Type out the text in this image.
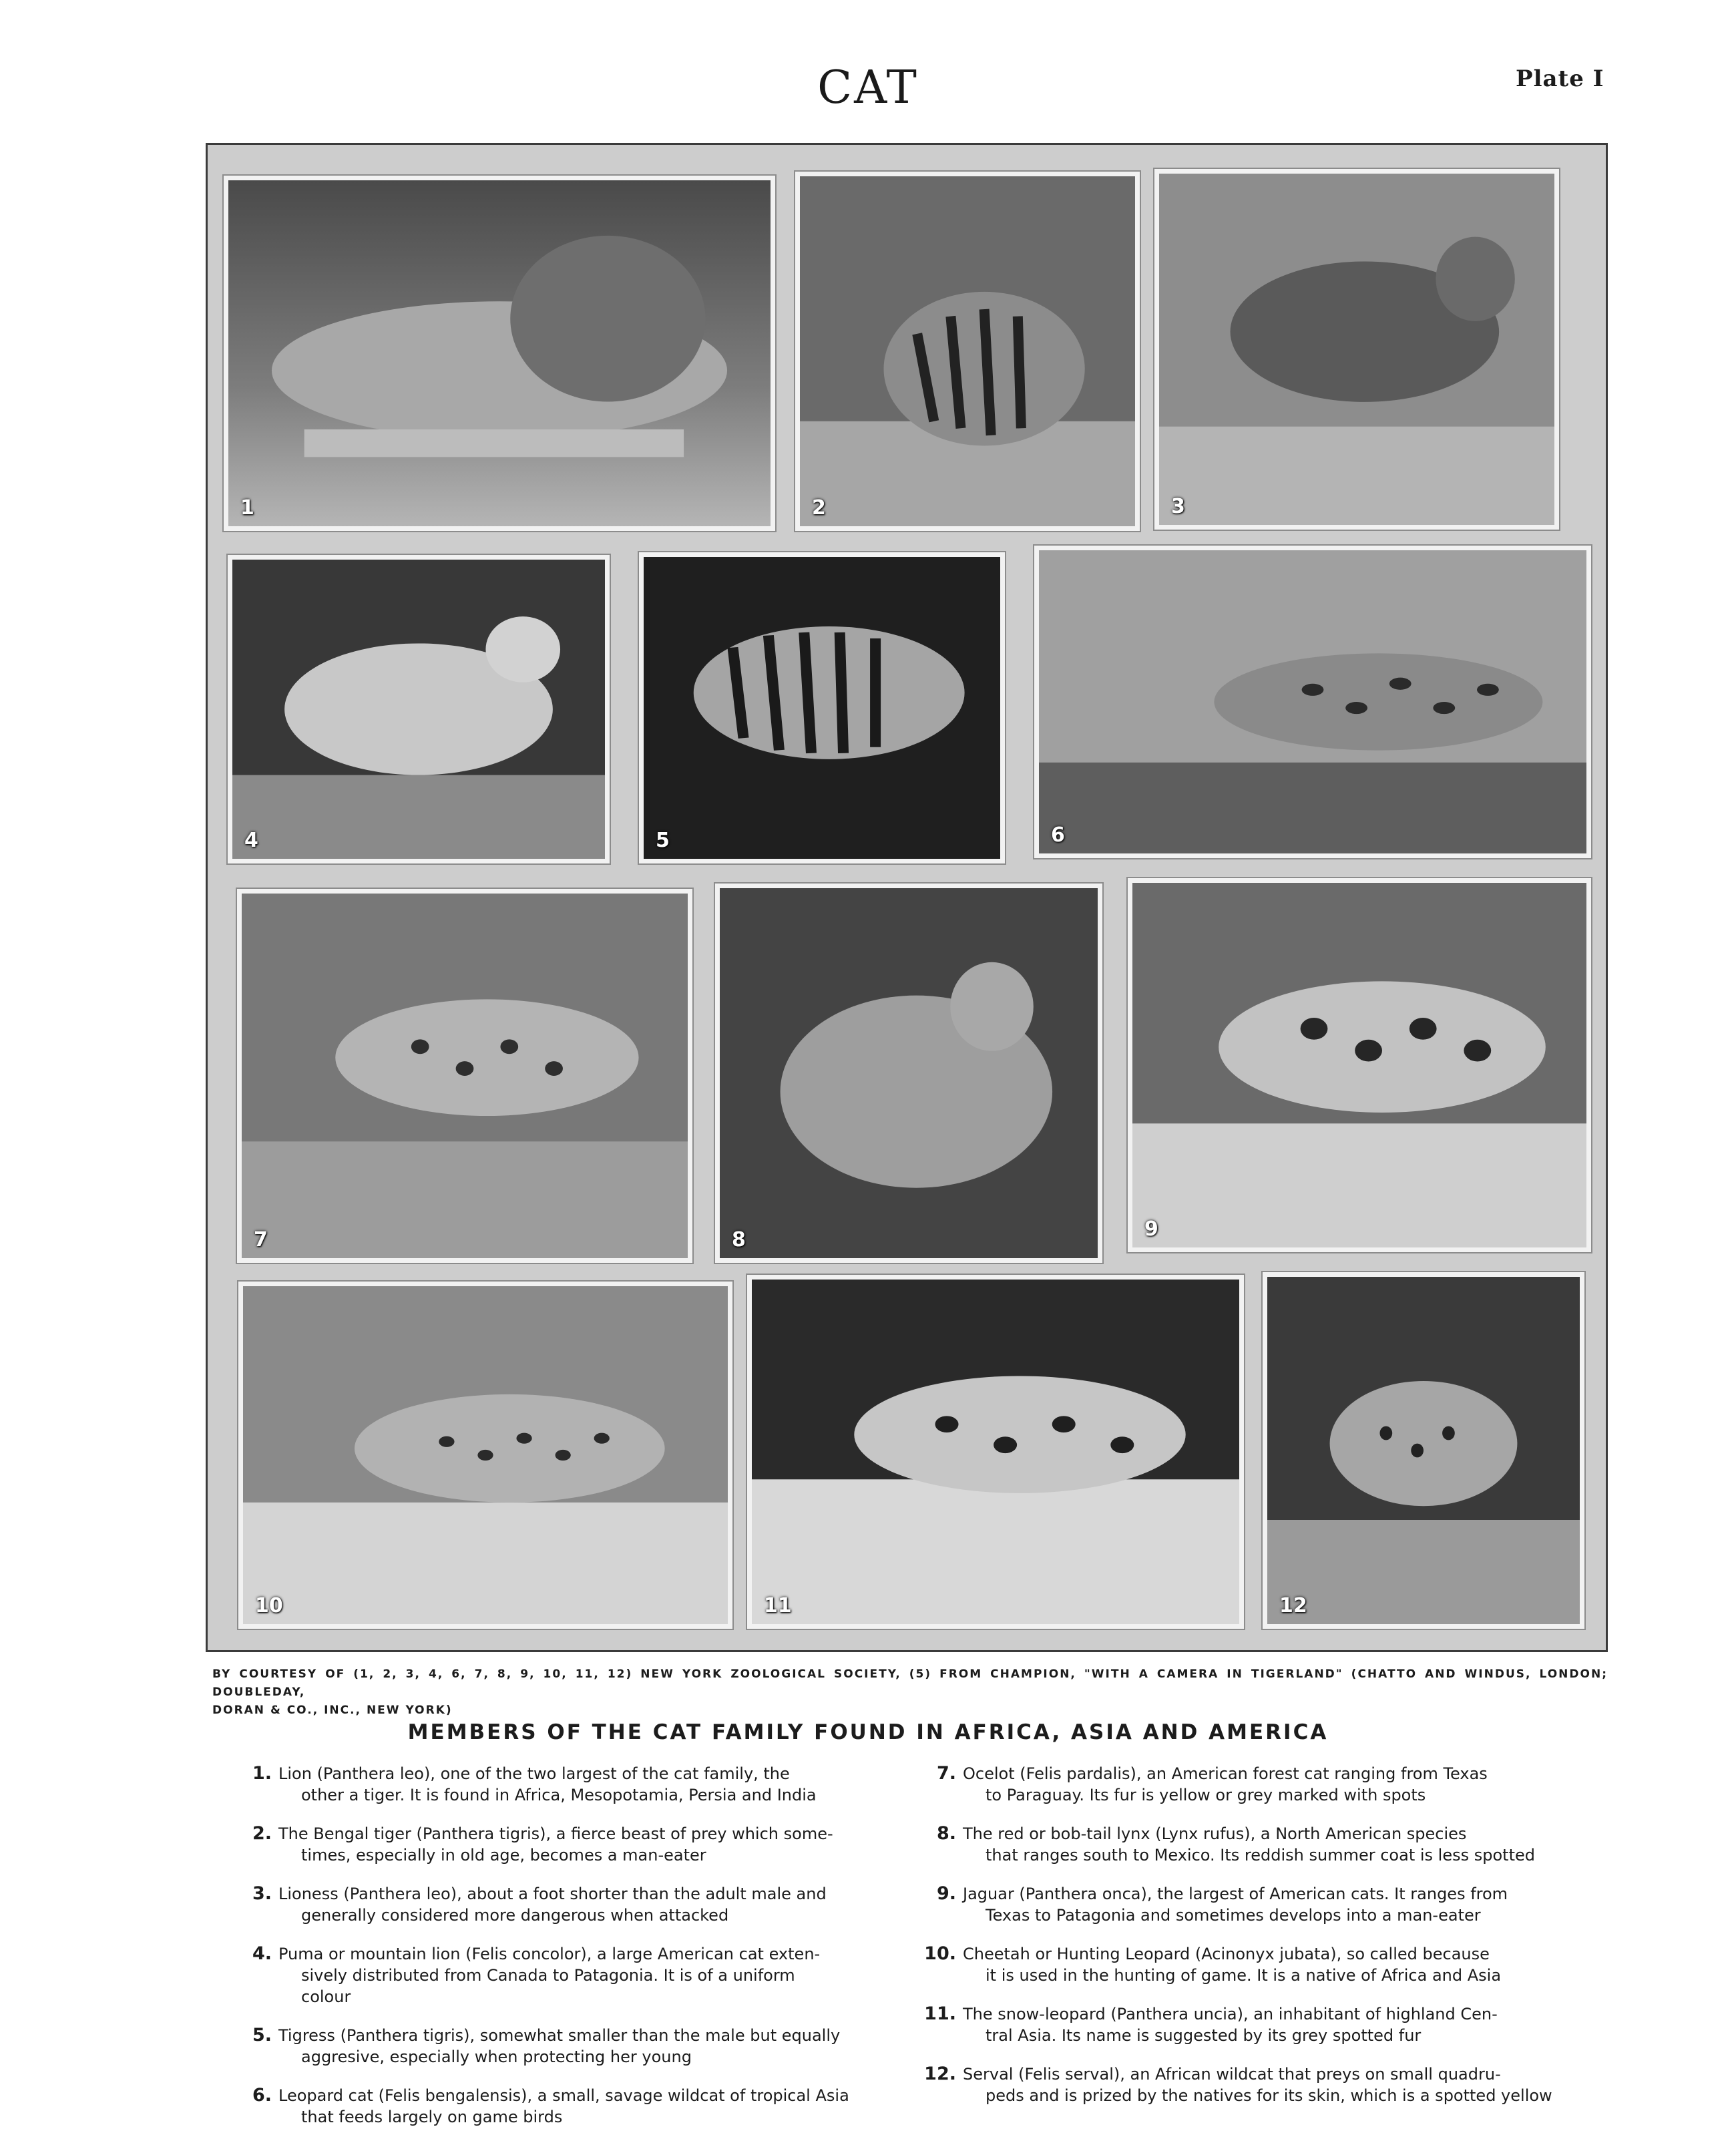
CAT	Plate I
1	2	3
4	5	6
7	8	9
10	11	12
BY COURTESY OF (1, 2, 3, 4, 6, 7, 8, 9, 10, 11, 12) NEW YORK ZOOLOGICAL SOCIETY, (5) FROM CHAMPION, "WITH A CAMERA IN TIGERLAND" (CHATTO AND WINDUS, LONDON; DOUBLEDAY,
DORAN & CO., INC., NEW YORK)
MEMBERS OF THE CAT FAMILY FOUND IN AFRICA, ASIA AND AMERICA
1. Lion (Panthera leo), one of the two largest of the cat family, the
other a tiger. It is found in Africa, Mesopotamia, Persia and India
2. The Bengal tiger (Panthera tigris), a fierce beast of prey which some-
times, especially in old age, becomes a man-eater
3. Lioness (Panthera leo), about a foot shorter than the adult male and
generally considered more dangerous when attacked
4. Puma or mountain lion (Felis concolor), a large American cat exten-
sively distributed from Canada to Patagonia. It is of a uniform
colour
5. Tigress (Panthera tigris), somewhat smaller than the male but equally
aggresive, especially when protecting her young
6. Leopard cat (Felis bengalensis), a small, savage wildcat of tropical Asia
that feeds largely on game birds
7. Ocelot (Felis pardalis), an American forest cat ranging from Texas
to Paraguay. Its fur is yellow or grey marked with spots
8. The red or bob-tail lynx (Lynx rufus), a North American species
that ranges south to Mexico. Its reddish summer coat is less spotted
9. Jaguar (Panthera onca), the largest of American cats. It ranges from
Texas to Patagonia and sometimes develops into a man-eater
10. Cheetah or Hunting Leopard (Acinonyx jubata), so called because
it is used in the hunting of game. It is a native of Africa and Asia
11. The snow-leopard (Panthera uncia), an inhabitant of highland Cen-
tral Asia. Its name is suggested by its grey spotted fur
12. Serval (Felis serval), an African wildcat that preys on small quadru-
peds and is prized by the natives for its skin, which is a spotted yellow
